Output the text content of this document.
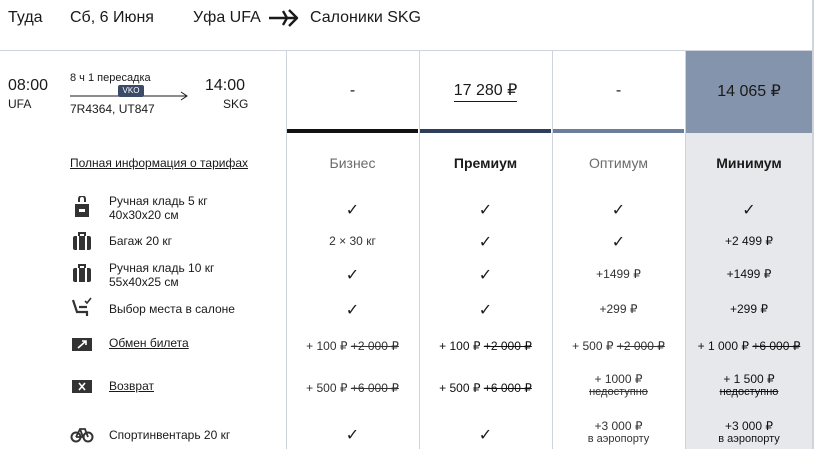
Туда Сб, 6 Июня Уфа UFA	Салоники SKG
08:00
UFA
8 ч 1 пересадка
VKO
7R4364, UT847
14:00
SKG
Полная информация о тарифах
Ручная кладь 5 кг
40x30x20 см
Багаж 20 кг
Ручная кладь 10 кг
55x40x25 см
Выбор места в салоне
Обмен билета
Возврат
Спортинвентарь 20 кг
-
Бизнес
✓
2 × 30 кг
✓
✓
+ 100 ₽ +2 000 ₽
+ 500 ₽ +6 000 ₽
✓
17 280 ₽
Премиум
✓
✓
✓
✓
+ 100 ₽ +2 000 ₽
+ 500 ₽ +6 000 ₽
✓
-
Оптимум
✓
✓
+1499 ₽
+299 ₽
+ 500 ₽ +2 000 ₽
+ 1000 ₽
недоступно
+3 000 ₽
в аэропорту
14 065 ₽
Минимум
✓
+2 499 ₽
+1499 ₽
+299 ₽
+ 1 000 ₽ +6 000 ₽
+ 1 500 ₽
недоступно
+3 000 ₽
в аэропорту
